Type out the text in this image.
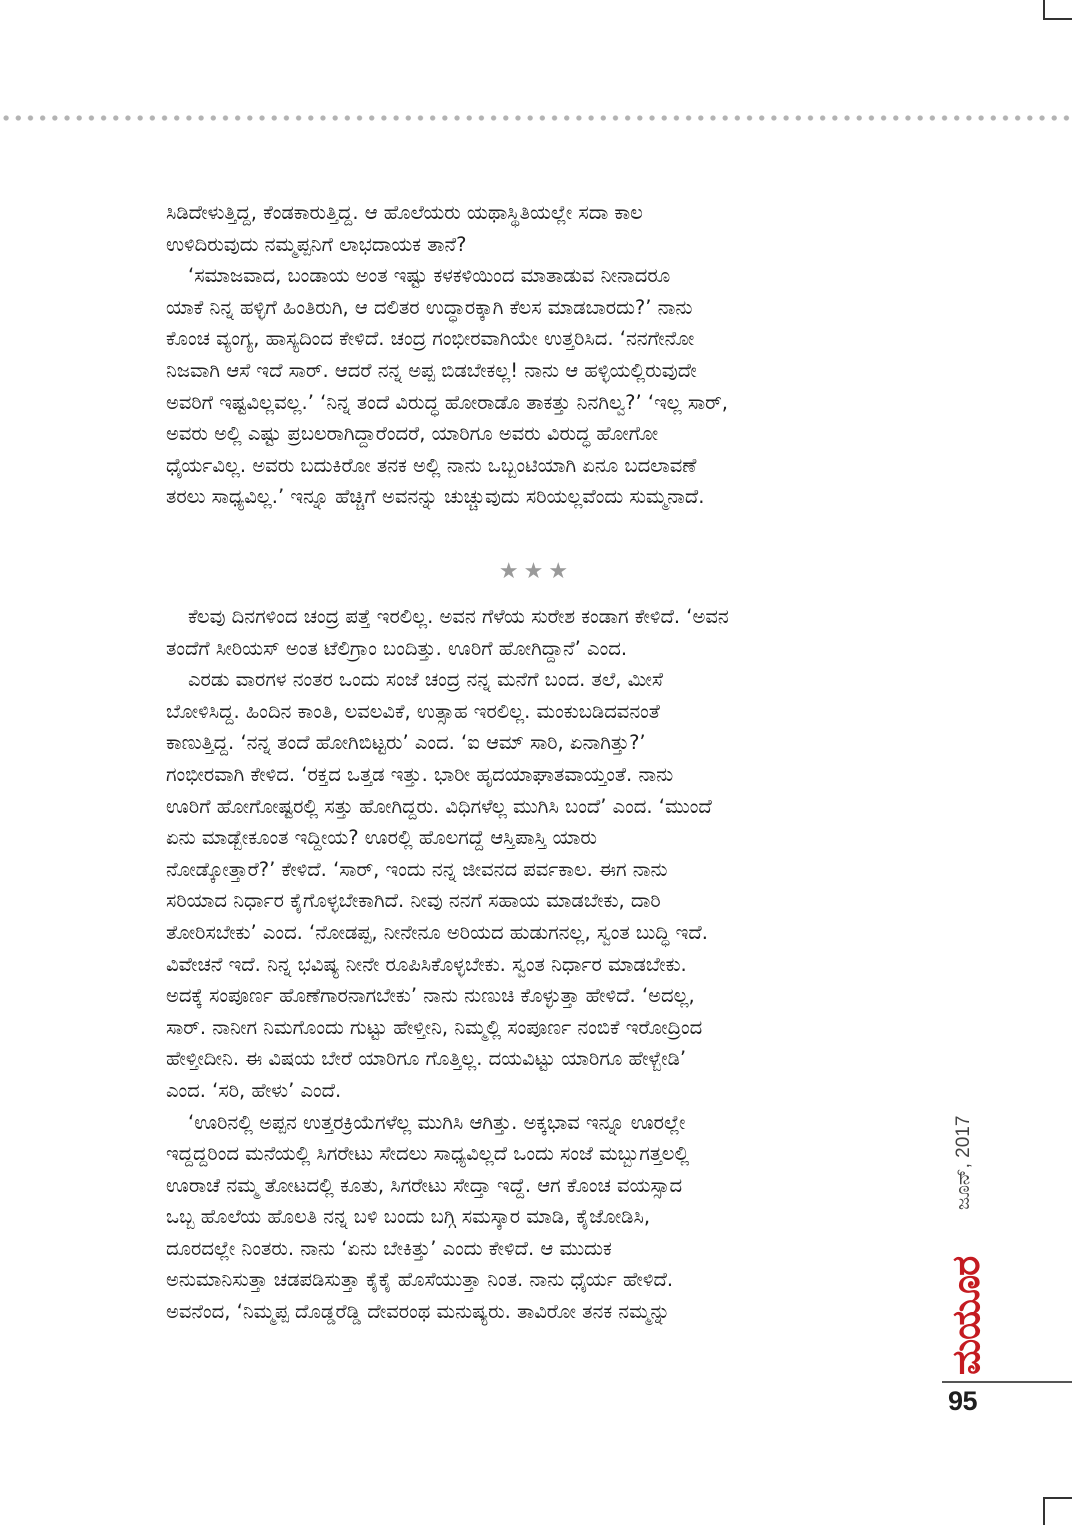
ಸಿಡಿದೇಳುತ್ತಿದ್ದ, ಕೆಂಡಕಾರುತ್ತಿದ್ದ. ಆ ಹೊಲೆಯರು ಯಥಾಸ್ಥಿತಿಯಲ್ಲೇ ಸದಾ ಕಾಲ

ಉಳಿದಿರುವುದು ನಮ್ಮಪ್ಪನಿಗೆ ಲಾಭದಾಯಕ ತಾನೆ?

‘ಸಮಾಜವಾದ, ಬಂಡಾಯ ಅಂತ ಇಷ್ಟು ಕಳಕಳಿಯಿಂದ ಮಾತಾಡುವ ನೀನಾದರೂ

ಯಾಕೆ ನಿನ್ನ ಹಳ್ಳಿಗೆ ಹಿಂತಿರುಗಿ, ಆ ದಲಿತರ ಉದ್ಧಾರಕ್ಕಾಗಿ ಕೆಲಸ ಮಾಡಬಾರದು?’ ನಾನು

ಕೊಂಚ ವ್ಯಂಗ್ಯ, ಹಾಸ್ಯದಿಂದ ಕೇಳಿದೆ. ಚಂದ್ರ ಗಂಭೀರವಾಗಿಯೇ ಉತ್ತರಿಸಿದ. ‘ನನಗೇನೋ

ನಿಜವಾಗಿ ಆಸೆ ಇದೆ ಸಾರ್. ಆದರೆ ನನ್ನ ಅಪ್ಪ ಬಿಡಬೇಕಲ್ಲ! ನಾನು ಆ ಹಳ್ಳಿಯಲ್ಲಿರುವುದೇ

ಅವರಿಗೆ ಇಷ್ಟವಿಲ್ಲವಲ್ಲ.’ ‘ನಿನ್ನ ತಂದೆ ವಿರುದ್ಧ ಹೋರಾಡೊ ತಾಕತ್ತು ನಿನಗಿಲ್ವ?’ ‘ಇಲ್ಲ ಸಾರ್,

ಅವರು ಅಲ್ಲಿ ಎಷ್ಟು ಪ್ರಬಲರಾಗಿದ್ದಾರೆಂದರೆ, ಯಾರಿಗೂ ಅವರು ವಿರುದ್ಧ ಹೋಗೋ

ಧೈರ್ಯವಿಲ್ಲ. ಅವರು ಬದುಕಿರೋ ತನಕ ಅಲ್ಲಿ ನಾನು ಒಬ್ಬಂಟಿಯಾಗಿ ಏನೂ ಬದಲಾವಣೆ

ತರಲು ಸಾಧ್ಯವಿಲ್ಲ.’ ಇನ್ನೂ ಹೆಚ್ಚಿಗೆ ಅವನನ್ನು ಚುಚ್ಚುವುದು ಸರಿಯಲ್ಲವೆಂದು ಸುಮ್ಮನಾದೆ.

★★★

ಕೆಲವು ದಿನಗಳಿಂದ ಚಂದ್ರ ಪತ್ತೆ ಇರಲಿಲ್ಲ. ಅವನ ಗೆಳೆಯ ಸುರೇಶ ಕಂಡಾಗ ಕೇಳಿದೆ. ‘ಅವನ

ತಂದೆಗೆ ಸೀರಿಯಸ್ ಅಂತ ಟೆಲಿಗ್ರಾಂ ಬಂದಿತ್ತು. ಊರಿಗೆ ಹೋಗಿದ್ದಾನೆ’ ಎಂದ.

ಎರಡು ವಾರಗಳ ನಂತರ ಒಂದು ಸಂಜೆ ಚಂದ್ರ ನನ್ನ ಮನೆಗೆ ಬಂದ. ತಲೆ, ಮೀಸೆ

ಬೋಳಿಸಿದ್ದ. ಹಿಂದಿನ ಕಾಂತಿ, ಲವಲವಿಕೆ, ಉತ್ಸಾಹ ಇರಲಿಲ್ಲ. ಮಂಕುಬಡಿದವನಂತೆ

ಕಾಣುತ್ತಿದ್ದ. ‘ನನ್ನ ತಂದೆ ಹೋಗಿಬಿಟ್ಟರು’ ಎಂದ. ‘ಐ ಆಮ್ ಸಾರಿ, ಏನಾಗಿತ್ತು?’

ಗಂಭೀರವಾಗಿ ಕೇಳಿದ. ‘ರಕ್ತದ ಒತ್ತಡ ಇತ್ತು. ಭಾರೀ ಹೃದಯಾಘಾತವಾಯ್ತಂತೆ. ನಾನು

ಊರಿಗೆ ಹೋಗೋಷ್ಟರಲ್ಲಿ ಸತ್ತು ಹೋಗಿದ್ದರು. ವಿಧಿಗಳೆಲ್ಲ ಮುಗಿಸಿ ಬಂದೆ’ ಎಂದ. ‘ಮುಂದೆ

ಏನು ಮಾಡ್ಬೇಕೂಂತ ಇದ್ದೀಯ? ಊರಲ್ಲಿ ಹೊಲಗದ್ದೆ ಆಸ್ತಿಪಾಸ್ತಿ ಯಾರು

ನೋಡ್ಕೋತ್ತಾರೆ?’ ಕೇಳಿದೆ. ‘ಸಾರ್, ಇಂದು ನನ್ನ ಜೀವನದ ಪರ್ವಕಾಲ. ಈಗ ನಾನು

ಸರಿಯಾದ ನಿರ್ಧಾರ ಕೈಗೊಳ್ಳಬೇಕಾಗಿದೆ. ನೀವು ನನಗೆ ಸಹಾಯ ಮಾಡಬೇಕು, ದಾರಿ

ತೋರಿಸಬೇಕು’ ಎಂದ. ‘ನೋಡಪ್ಪ, ನೀನೇನೂ ಅರಿಯದ ಹುಡುಗನಲ್ಲ, ಸ್ವಂತ ಬುದ್ಧಿ ಇದೆ.

ವಿವೇಚನೆ ಇದೆ. ನಿನ್ನ ಭವಿಷ್ಯ ನೀನೇ ರೂಪಿಸಿಕೊಳ್ಳಬೇಕು. ಸ್ವಂತ ನಿರ್ಧಾರ ಮಾಡಬೇಕು.

ಅದಕ್ಕೆ ಸಂಪೂರ್ಣ ಹೊಣೆಗಾರನಾಗಬೇಕು’ ನಾನು ನುಣುಚಿ ಕೊಳ್ಳುತ್ತಾ ಹೇಳಿದೆ. ‘ಅದಲ್ಲ,

ಸಾರ್. ನಾನೀಗ ನಿಮಗೊಂದು ಗುಟ್ಟು ಹೇಳ್ತೀನಿ, ನಿಮ್ಮಲ್ಲಿ ಸಂಪೂರ್ಣ ನಂಬಿಕೆ ಇರೋದ್ರಿಂದ

ಹೇಳ್ತೀದೀನಿ. ಈ ವಿಷಯ ಬೇರೆ ಯಾರಿಗೂ ಗೊತ್ತಿಲ್ಲ. ದಯವಿಟ್ಟು ಯಾರಿಗೂ ಹೇಳ್ಬೇಡಿ’

ಎಂದ. ‘ಸರಿ, ಹೇಳು’ ಎಂದೆ.

‘ಊರಿನಲ್ಲಿ ಅಪ್ಪನ ಉತ್ತರಕ್ರಿಯೆಗಳೆಲ್ಲ ಮುಗಿಸಿ ಆಗಿತ್ತು. ಅಕ್ಕಭಾವ ಇನ್ನೂ ಊರಲ್ಲೇ

ಇದ್ದದ್ದರಿಂದ ಮನೆಯಲ್ಲಿ ಸಿಗರೇಟು ಸೇದಲು ಸಾಧ್ಯವಿಲ್ಲದೆ ಒಂದು ಸಂಜೆ ಮಬ್ಬುಗತ್ತಲಲ್ಲಿ

ಊರಾಚೆ ನಮ್ಮ ತೋಟದಲ್ಲಿ ಕೂತು, ಸಿಗರೇಟು ಸೇದ್ತಾ ಇದ್ದೆ. ಆಗ ಕೊಂಚ ವಯಸ್ಸಾದ

ಒಬ್ಬ ಹೊಲೆಯ ಹೊಲತಿ ನನ್ನ ಬಳಿ ಬಂದು ಬಗ್ಗಿ ಸಮಸ್ಕಾರ ಮಾಡಿ, ಕೈಜೋಡಿಸಿ,

ದೂರದಲ್ಲೇ ನಿಂತರು. ನಾನು ‘ಏನು ಬೇಕಿತ್ತು’ ಎಂದು ಕೇಳಿದೆ. ಆ ಮುದುಕ

ಅನುಮಾನಿಸುತ್ತಾ ಚಡಪಡಿಸುತ್ತಾ ಕೈಕೈ ಹೊಸೆಯುತ್ತಾ ನಿಂತ. ನಾನು ಧೈರ್ಯ ಹೇಳಿದೆ.

ಅವನೆಂದ, ‘ನಿಮ್ಮಪ್ಪ ದೊಡ್ಡರೆಡ್ಡಿ ದೇವರಂಥ ಮನುಷ್ಯರು. ತಾವಿರೋ ತನಕ ನಮ್ಮನ್ನು

ಜೂನ್, 2017
ಮಯೂರ
95
